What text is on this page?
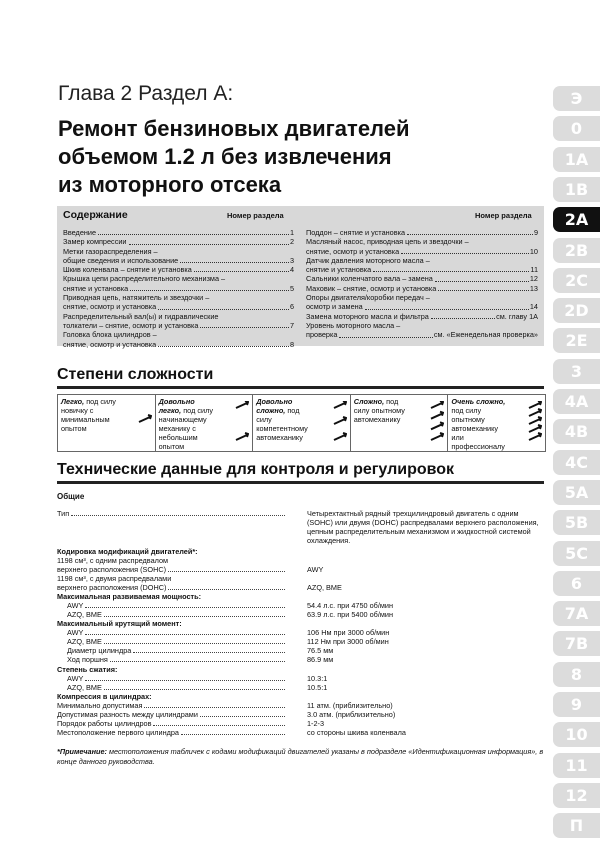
Глава 2 Раздел А:
Ремонт бензиновых двигателей
объемом 1.2 л без извлечения
из моторного отсека
Содержание	Номер раздела	Номер раздела
Введение	1
Замер компрессии	2
Метки газораспределения –
общие сведения и использование	3
Шкив коленвала – снятие и установка	4
Крышка цепи распределительного механизма –
снятие и установка	5
Приводная цепь, натяжитель и звездочки –
снятие, осмотр и установка	6
Распределительный вал(ы) и гидравлические
толкатели – снятие, осмотр и установка	7
Головка блока цилиндров –
снятие, осмотр и установка	8
Поддон – снятие и установка	9
Масляный насос, приводная цепь и звездочки –
снятие, осмотр и установка	10
Датчик давления моторного масла –
снятие и установка	11
Сальники коленчатого вала – замена	12
Маховик – снятие, осмотр и установка	13
Опоры двигателя/коробки передач –
осмотр и замена	14
Замена моторного масла и фильтра	см. главу 1А
Уровень моторного масла –
проверка	см. «Еженедельная проверка»
Степени сложности
Легко, под силу новичку с минимальным опытом
Довольно легко, под силу начинающему механику с небольшим опытом
Довольно сложно, под силу компетентному автомеханику
Сложно, под силу опытному автомеханику
Очень сложно, под силу опытному автомеханику или профессионалу
Технические данные для контроля и регулировок
Общие
Тип	Четырехтактный рядный трехцилиндровый двигатель с одним (SOHC) или двумя (DOHC) распредвалами верхнего расположения, цепным распределительным механизмом и жидкостной системой охлаждения.
Кодировка модификаций двигателей*:
1198 см³, с одним распредвалом
верхнего расположения (SOHC)	AWY
1198 см³, с двумя распредвалами
верхнего расположения (DOHC)	AZQ, BME
Максимальная развиваемая мощность:
AWY	54.4 л.с. при 4750 об/мин
AZQ, BME	63.9 л.с. при 5400 об/мин
Максимальный крутящий момент:
AWY	106 Нм при 3000 об/мин
AZQ, BME	112 Нм при 3000 об/мин
Диаметр цилиндра	76.5 мм
Ход поршня	86.9 мм
Степень сжатия:
AWY	10.3:1
AZQ, BME	10.5:1
Компрессия в цилиндрах:
Минимально допустимая	11 атм. (приблизительно)
Допустимая разность между цилиндрами	3.0 атм. (приблизительно)
Порядок работы цилиндров	1-2-3
Местоположение первого цилиндра	со стороны шкива коленвала
*Примечание: местоположения табличек с кодами модификаций двигателей указаны в подразделе «Идентификационная информация», в конце данного руководства.
Э
0
1A
1B
2A
2B
2C
2D
2E
3
4A
4B
4C
5A
5B
5C
6
7A
7B
8
9
10
11
12
П
